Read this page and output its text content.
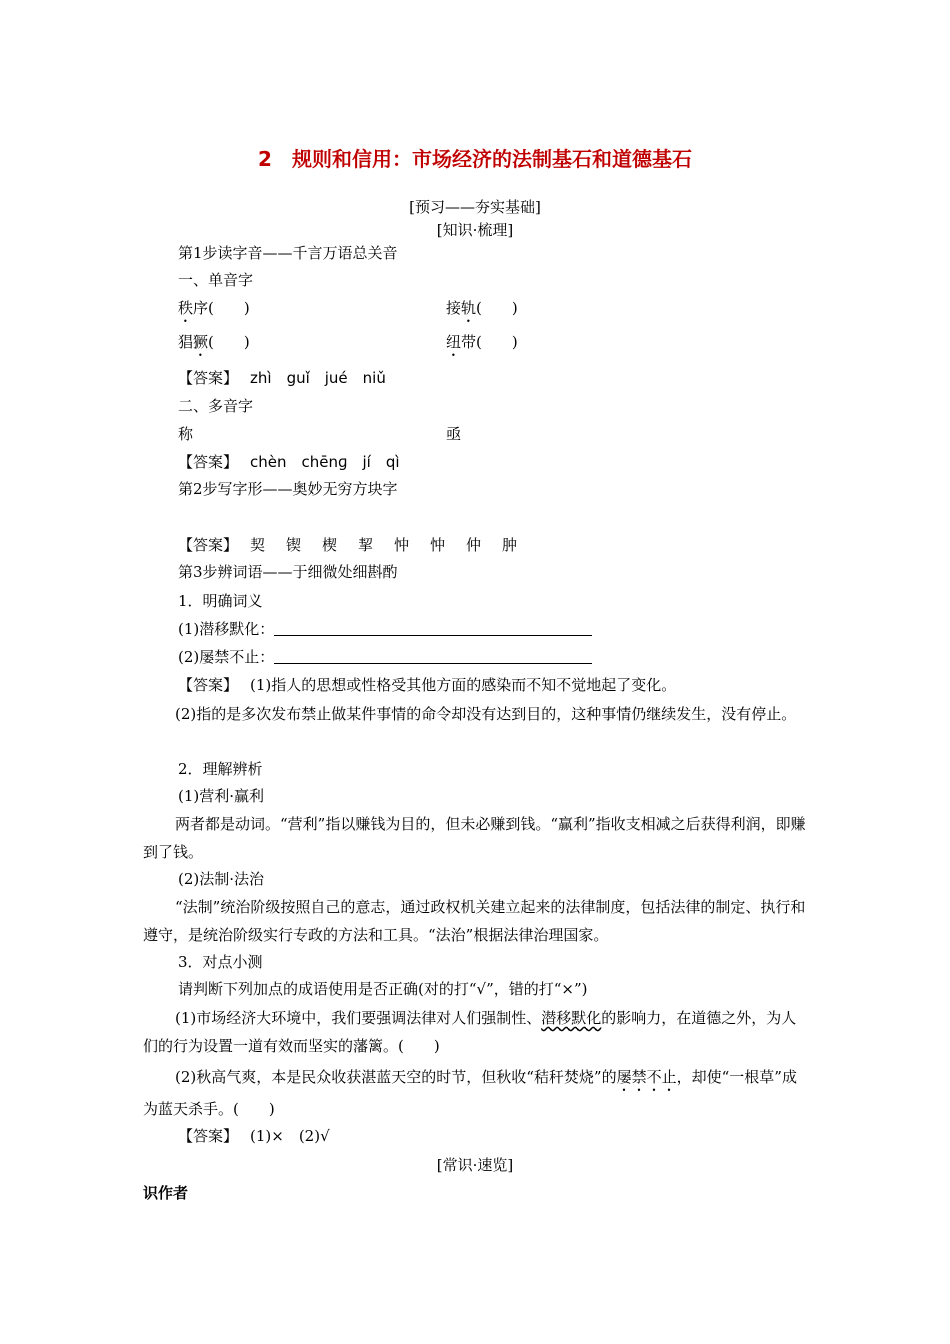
2　规则和信用：市场经济的法制基石和道德基石
[预习——夯实基础]
[知识·梳理]
第1步读字音——千言万语总关音
一、单音字
秩序(　　)	接轨(　　)
猖獗(　　)	纽带(　　)
【答案】 zhì　guǐ　jué　niǔ
二、多音字
称	亟
【答案】 chèn　chēnɡ　jí　qì
第2步写字形——奥妙无穷方块字
【答案】 契　锲　楔　挈　忡　忡　仲　肿
第3步辨词语——于细微处细斟酌
1．明确词义
(1)潜移默化：
(2)屡禁不止：
【答案】 (1)指人的思想或性格受其他方面的感染而不知不觉地起了变化。
(2)指的是多次发布禁止做某件事情的命令却没有达到目的，这种事情仍继续发生，没有停止。
2．理解辨析
(1)营利·赢利
两者都是动词。“营利”指以赚钱为目的，但未必赚到钱。“赢利”指收支相减之后获得利润，即赚到了钱。
(2)法制·法治
“法制”统治阶级按照自己的意志，通过政权机关建立起来的法律制度，包括法律的制定、执行和遵守，是统治阶级实行专政的方法和工具。“法治”根据法律治理国家。
3．对点小测
请判断下列加点的成语使用是否正确(对的打“√”，错的打“×”)
(1)市场经济大环境中，我们要强调法律对人们强制性、潜移默化的影响力，在道德之外，为人们的行为设置一道有效而坚实的藩篱。(　　)
(2)秋高气爽，本是民众收获湛蓝天空的时节，但秋收“秸秆焚烧”的屡禁不止，却使“一根草”成为蓝天杀手。(　　)
【答案】 (1)×　(2)√
[常识·速览]
识作者
